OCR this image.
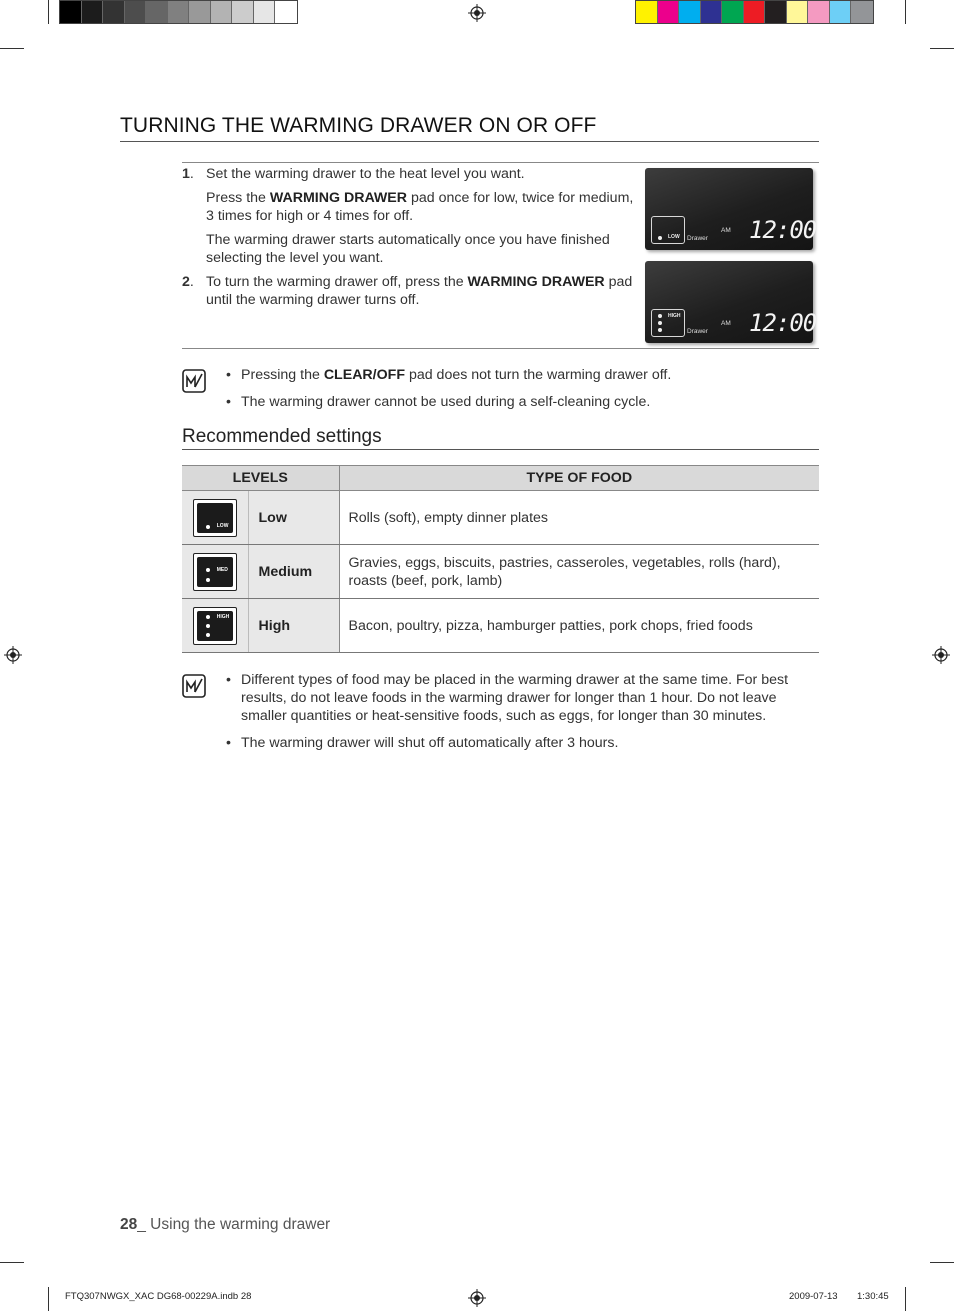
TURNING THE WARMING DRAWER ON OR OFF
1. Set the warming drawer to the heat level you want.

Press the WARMING DRAWER pad once for low, twice for medium, 3 times for high or 4 times for off.

The warming drawer starts automatically once you have finished selecting the level you want.

2. To turn the warming drawer off, press the WARMING DRAWER pad until the warming drawer turns off.

LOW Drawer
AM 12:00
HIGH
Drawer
AM 12:00
• Pressing the CLEAR/OFF pad does not turn the warming drawer off.
• The warming drawer cannot be used during a self-cleaning cycle.
Recommended settings
LEVELS		TYPE OF FOOD

LOW	Low	Rolls (soft), empty dinner plates

MED	Medium	Gravies, eggs, biscuits, pastries, casseroles, vegetables, rolls (hard), roasts (beef, pork, lamb)

HIGH	High	Bacon, poultry, pizza, hamburger patties, pork chops, fried foods
• Different types of food may be placed in the warming drawer at the same time. For best results, do not leave foods in the warming drawer for longer than 1 hour. Do not leave smaller quantities or heat-sensitive foods, such as eggs, for longer than 30 minutes.
• The warming drawer will shut off automatically after 3 hours.
28_ Using the warming drawer
FTQ307NWGX_XAC DG68-00229A.indb 28	2009-07-13 1:30:45
